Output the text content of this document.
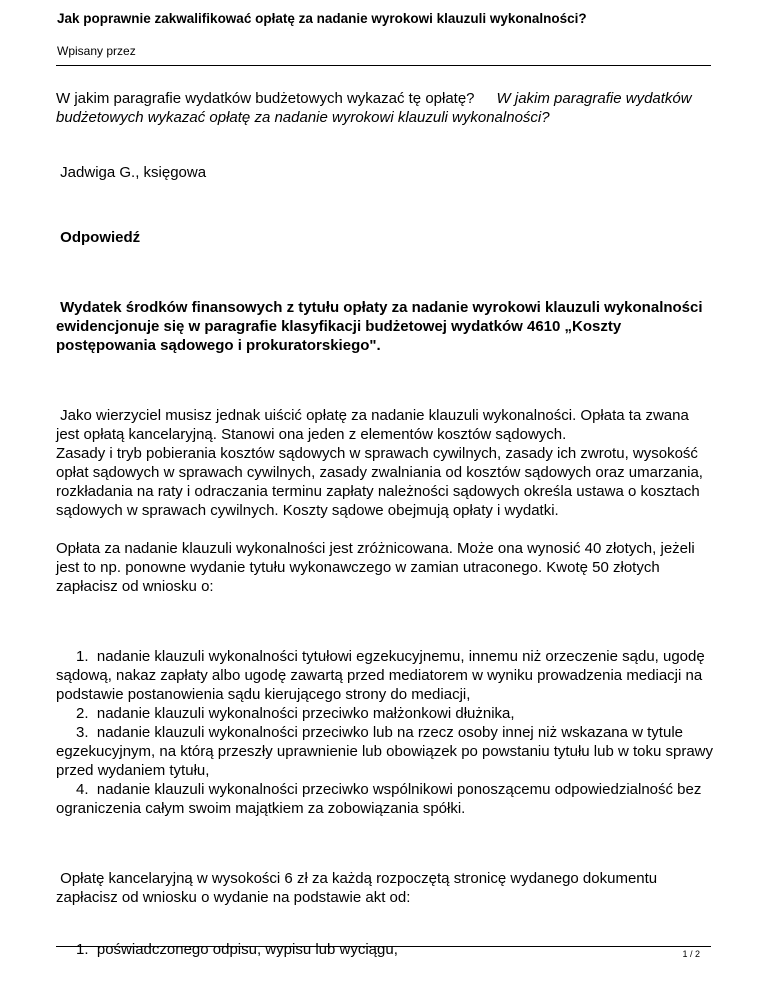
Jak poprawnie zakwalifikować opłatę za nadanie wyrokowi klauzuli wykonalności?
Wpisany przez

W jakim paragrafie wydatków budżetowych wykazać tę opłatę? W jakim paragrafie wydatków budżetowych wykazać opłatę za nadanie wyrokowi klauzuli wykonalności?

Jadwiga G., księgowa

Odpowiedź

Wydatek środków finansowych z tytułu opłaty za nadanie wyrokowi klauzuli wykonalności ewidencjonuje się w paragrafie klasyfikacji budżetowej wydatków 4610 „Koszty postępowania sądowego i prokuratorskiego".

Jako wierzyciel musisz jednak uiścić opłatę za nadanie klauzuli wykonalności. Opłata ta zwana jest opłatą kancelaryjną. Stanowi ona jeden z elementów kosztów sądowych.
Zasady i tryb pobierania kosztów sądowych w sprawach cywilnych, zasady ich zwrotu, wysokość opłat sądowych w sprawach cywilnych, zasady zwalniania od kosztów sądowych oraz umarzania, rozkładania na raty i odraczania terminu zapłaty należności sądowych określa ustawa o kosztach sądowych w sprawach cywilnych. Koszty sądowe obejmują opłaty i wydatki.

Opłata za nadanie klauzuli wykonalności jest zróżnicowana. Może ona wynosić 40 złotych, jeżeli jest to np. ponowne wydanie tytułu wykonawczego w zamian utraconego. Kwotę 50 złotych zapłacisz od wniosku o:

1. nadanie klauzuli wykonalności tytułowi egzekucyjnemu, innemu niż orzeczenie sądu, ugodę sądową, nakaz zapłaty albo ugodę zawartą przed mediatorem w wyniku prowadzenia mediacji na podstawie postanowienia sądu kierującego strony do mediacji,
2. nadanie klauzuli wykonalności przeciwko małżonkowi dłużnika,
3. nadanie klauzuli wykonalności przeciwko lub na rzecz osoby innej niż wskazana w tytule egzekucyjnym, na którą przeszły uprawnienie lub obowiązek po powstaniu tytułu lub w toku sprawy przed wydaniem tytułu,
4. nadanie klauzuli wykonalności przeciwko wspólnikowi ponoszącemu odpowiedzialność bez ograniczenia całym swoim majątkiem za zobowiązania spółki.

Opłatę kancelaryjną w wysokości 6 zł za każdą rozpoczętą stronicę wydanego dokumentu zapłacisz od wniosku o wydanie na podstawie akt od:

1. poświadczonego odpisu, wypisu lub wyciągu,	1 / 2
